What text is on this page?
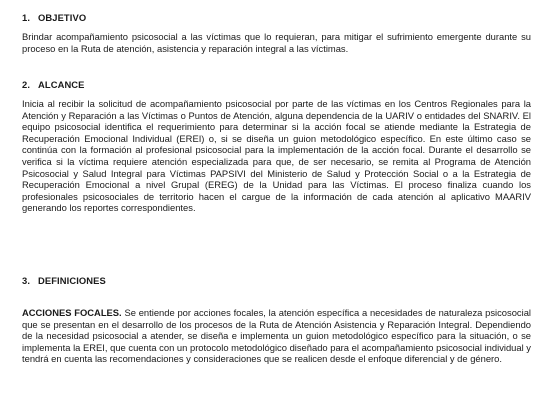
1. OBJETIVO
Brindar acompañamiento psicosocial a las víctimas que lo requieran, para mitigar el sufrimiento emergente durante su proceso en la Ruta de atención, asistencia y reparación integral a las víctimas.
2. ALCANCE
Inicia al recibir la solicitud de acompañamiento psicosocial por parte de las víctimas en los Centros Regionales para la Atención y Reparación a las Víctimas o Puntos de Atención, alguna dependencia de la UARIV o entidades del SNARIV. El equipo psicosocial identifica el requerimiento para determinar si la acción focal se atiende mediante la Estrategia de Recuperación Emocional Individual (EREI) o, si se diseña un guion metodológico específico. En este último caso se continúa con la formación al profesional psicosocial para la implementación de la acción focal. Durante el desarrollo se verifica si la víctima requiere atención especializada para que, de ser necesario, se remita al Programa de Atención Psicosocial y Salud Integral para Víctimas PAPSIVI del Ministerio de Salud y Protección Social o a la Estrategia de Recuperación Emocional a nivel Grupal (EREG) de la Unidad para las Víctimas. El proceso finaliza cuando los profesionales psicosociales de territorio hacen el cargue de la información de cada atención al aplicativo MAARIV generando los reportes correspondientes.
3. DEFINICIONES
ACCIONES FOCALES. Se entiende por acciones focales, la atención específica a necesidades de naturaleza psicosocial que se presentan en el desarrollo de los procesos de la Ruta de Atención Asistencia y Reparación Integral. Dependiendo de la necesidad psicosocial a atender, se diseña e implementa un guion metodológico específico para la situación, o se implementa la EREI, que cuenta con un protocolo metodológico diseñado para el acompañamiento psicosocial individual y tendrá en cuenta las recomendaciones y consideraciones que se realicen desde el enfoque diferencial y de género.
